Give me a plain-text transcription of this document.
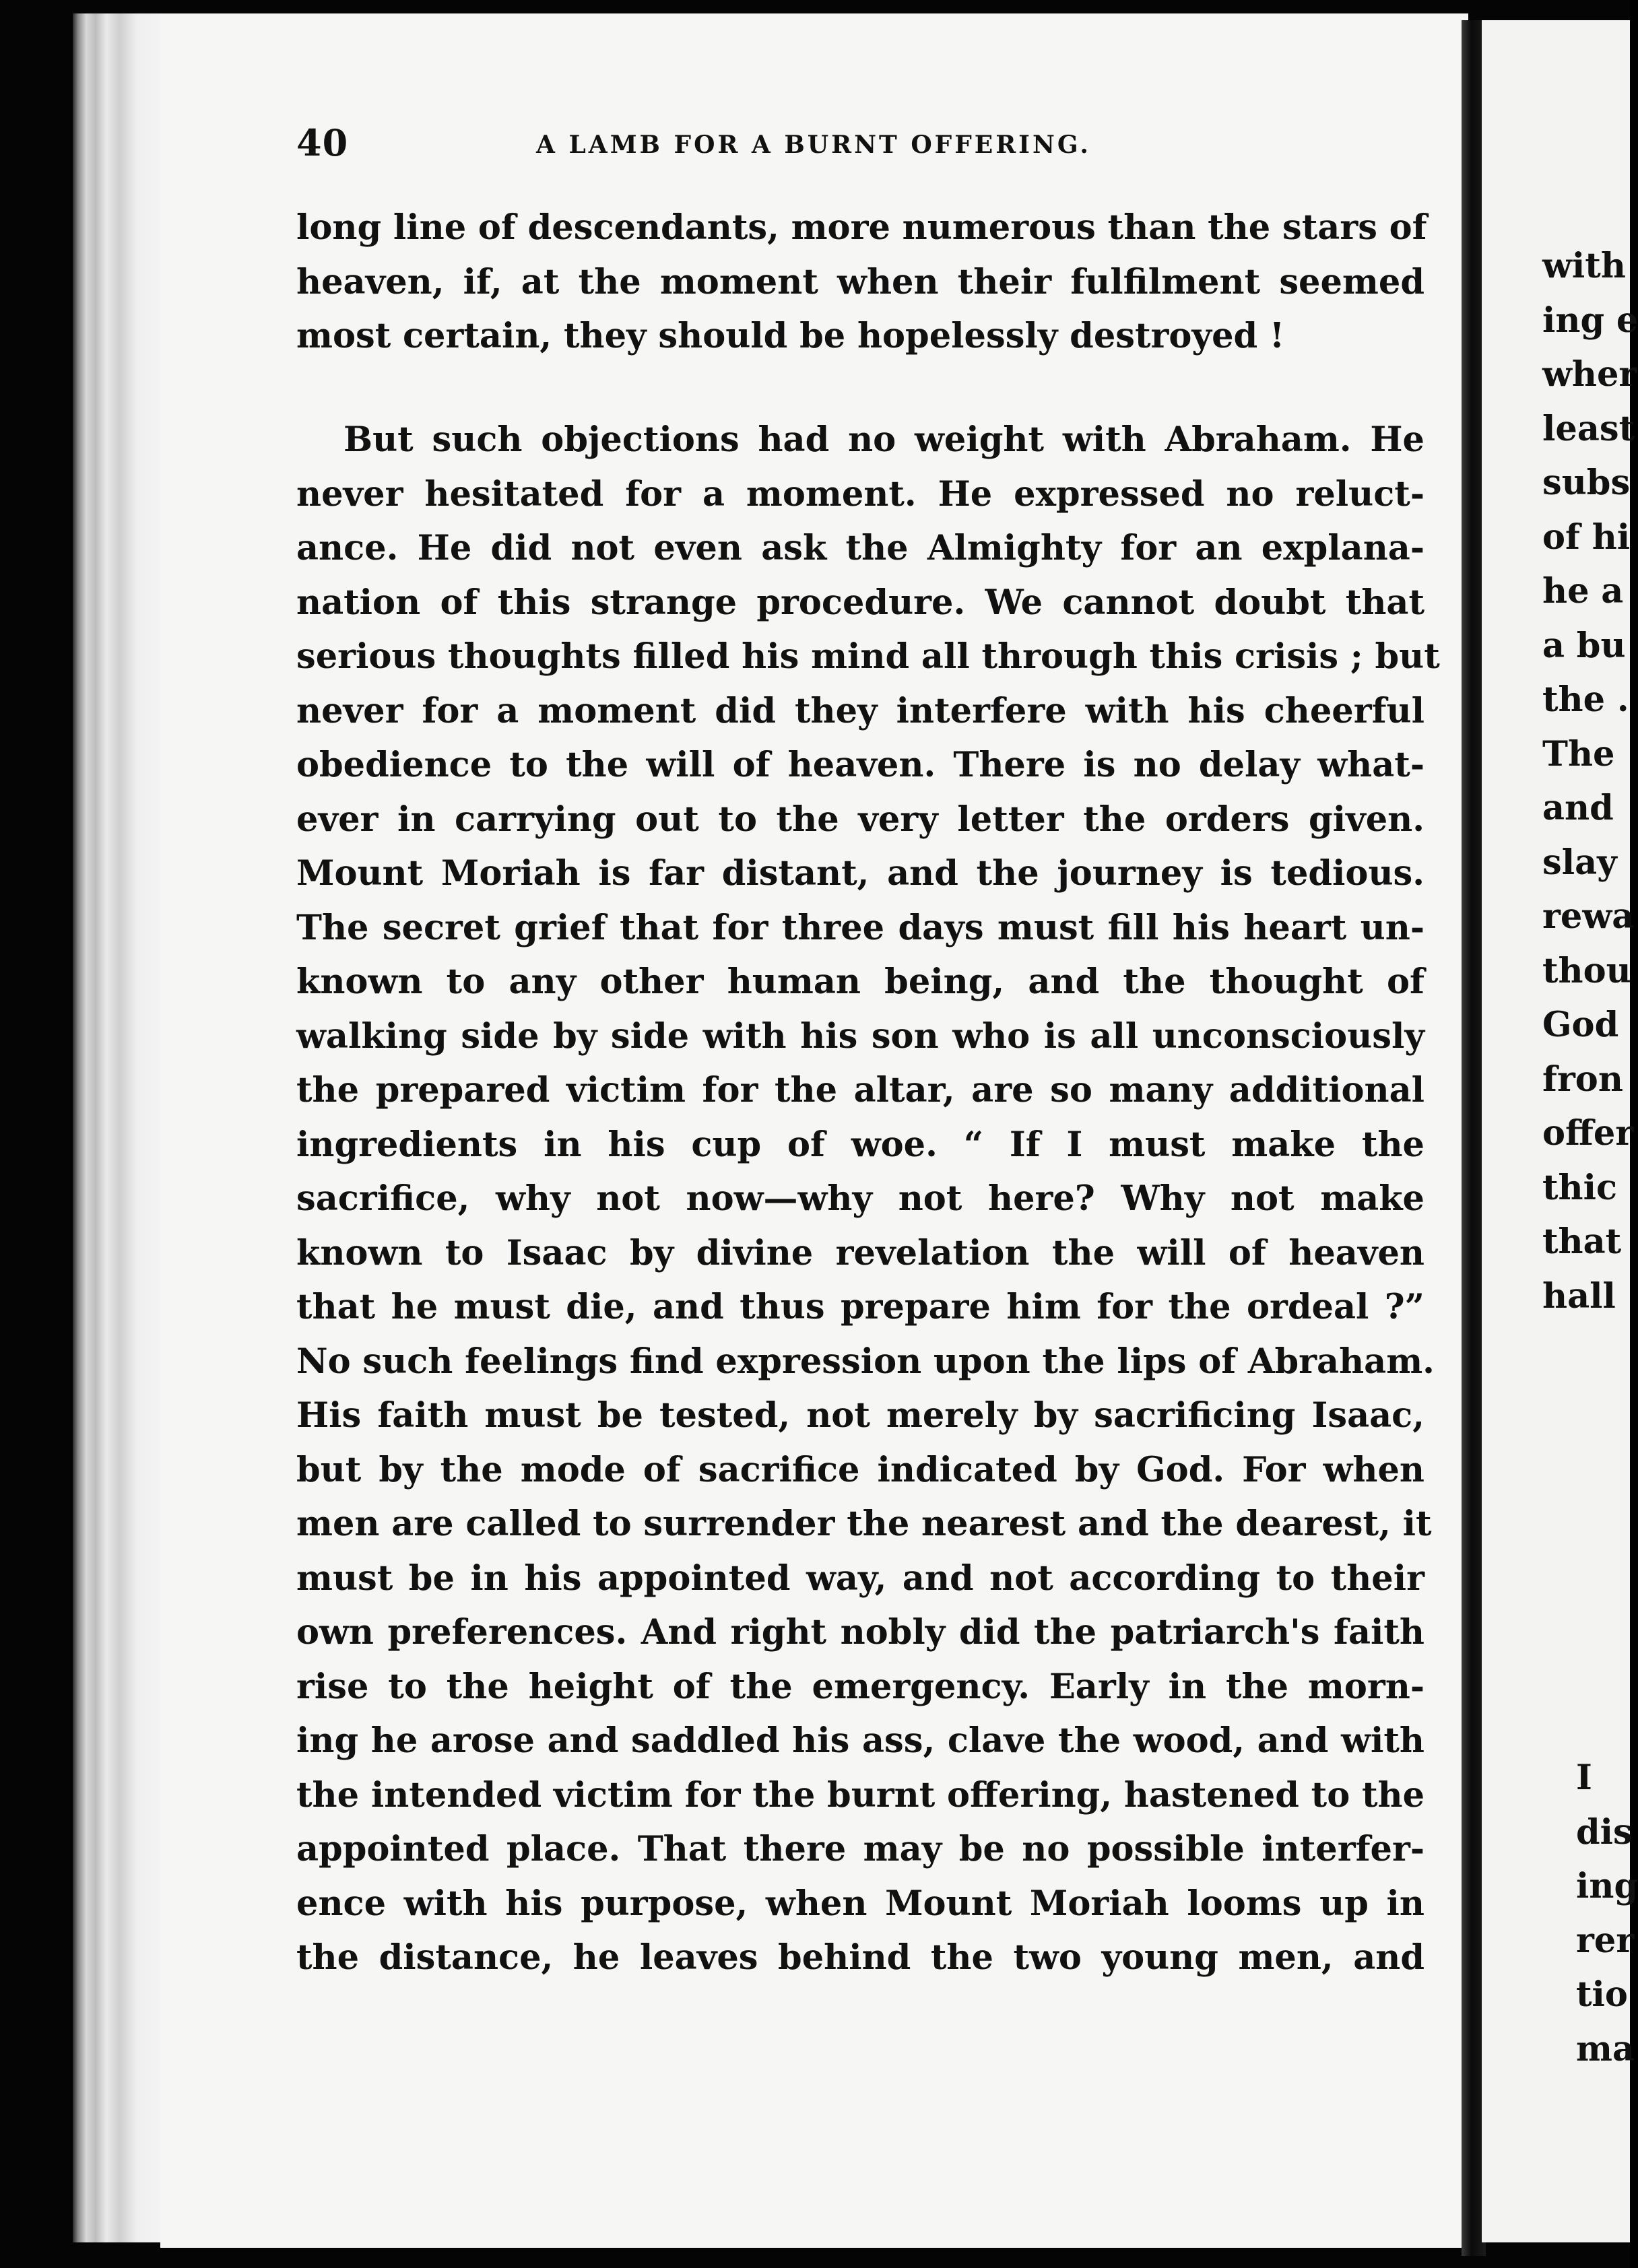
40	A LAMB FOR A BURNT OFFERING.
long line of descendants, more numerous than the stars of
heaven, if, at the moment when their fulfilment seemed
most certain, they should be hopelessly destroyed !
But such objections had no weight with Abraham. He
never hesitated for a moment. He expressed no reluct-
ance. He did not even ask the Almighty for an explana-
nation of this strange procedure. We cannot doubt that
serious thoughts filled his mind all through this crisis ; but
never for a moment did they interfere with his cheerful
obedience to the will of heaven. There is no delay what-
ever in carrying out to the very letter the orders given.
Mount Moriah is far distant, and the journey is tedious.
The secret grief that for three days must fill his heart un-
known to any other human being, and the thought of
walking side by side with his son who is all unconsciously
the prepared victim for the altar, are so many additional
ingredients in his cup of woe. “ If I must make the
sacrifice, why not now—why not here? Why not make
known to Isaac by divine revelation the will of heaven
that he must die, and thus prepare him for the ordeal ?”
No such feelings find expression upon the lips of Abraham.
His faith must be tested, not merely by sacrificing Isaac,
but by the mode of sacrifice indicated by God. For when
men are called to surrender the nearest and the dearest, it
must be in his appointed way, and not according to their
own preferences. And right nobly did the patriarch's faith
rise to the height of the emergency. Early in the morn-
ing he arose and saddled his ass, clave the wood, and with
the intended victim for the burnt offering, hastened to the
appointed place. That there may be no possible interfer-
ence with his purpose, when Mount Moriah looms up in
the distance, he leaves behind the two young men, and
with
ing e
wher
least
subs
of hi
he a
a bu
the .
The
and
slay
rewa
thou
God
fron
offer
thic
that
hall
I
dis
ing
rer
tio
ma
